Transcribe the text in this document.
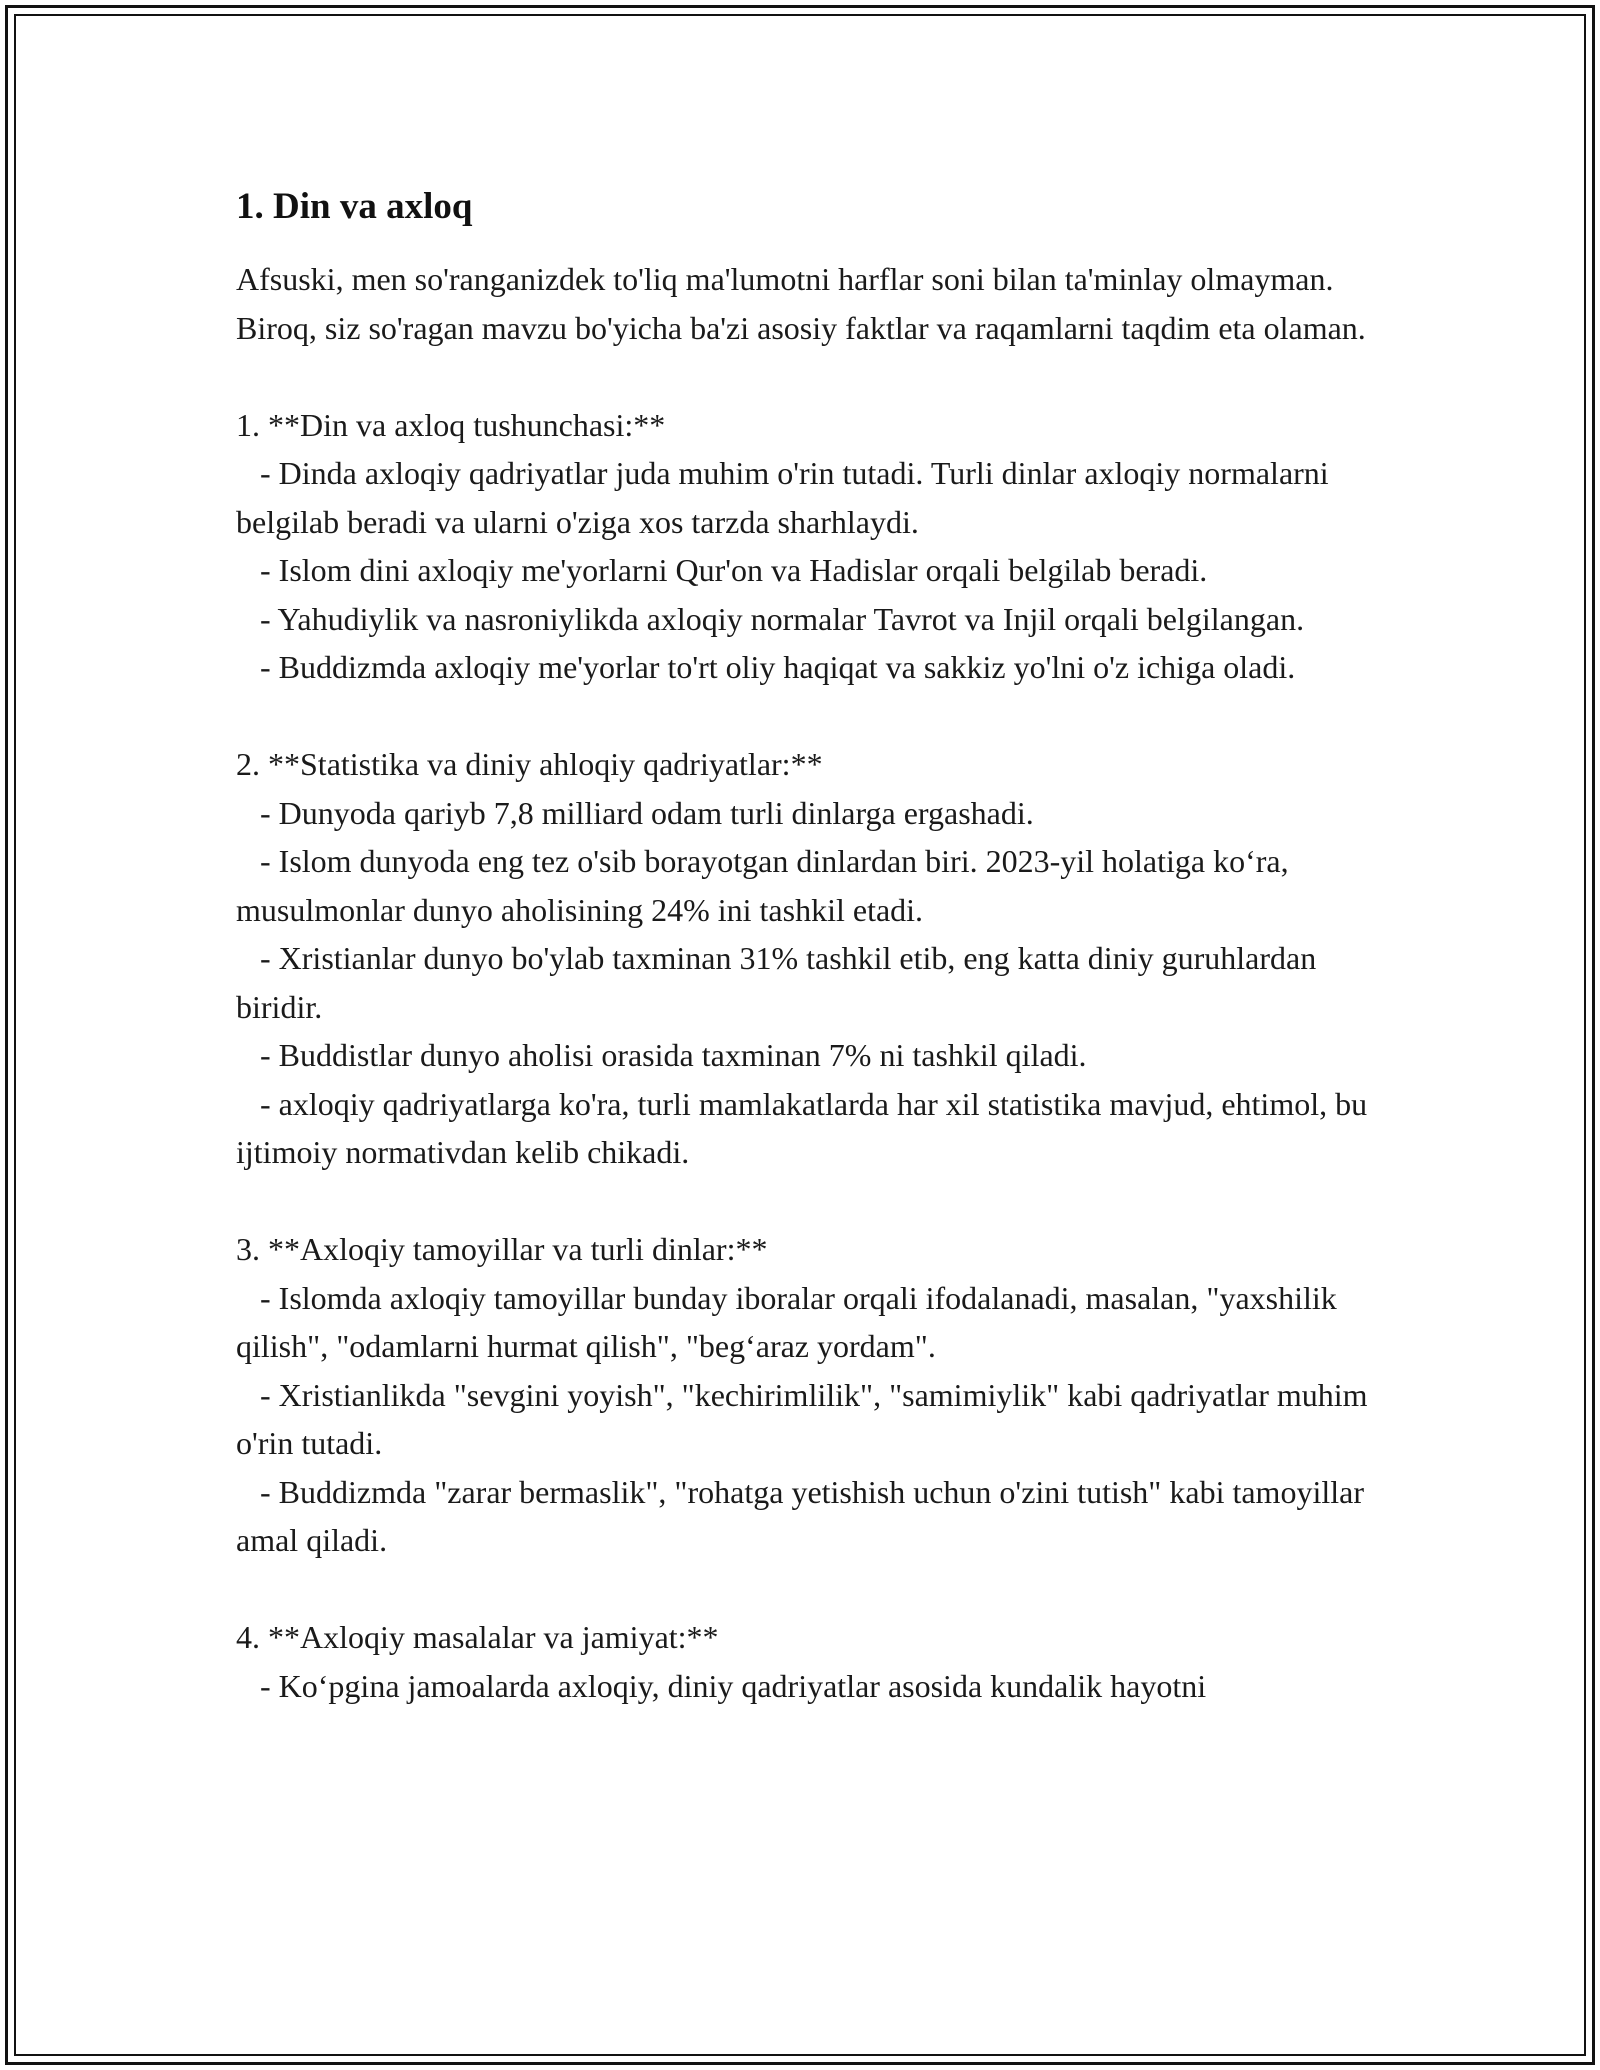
1. Din va axloq

Afsuski, men so'ranganizdek to'liq ma'lumotni harflar soni bilan ta'minlay olmayman. Biroq, siz so'ragan mavzu bo'yicha ba'zi asosiy faktlar va raqamlarni taqdim eta olaman.

1. **Din va axloq tushunchasi:**
- Dinda axloqiy qadriyatlar juda muhim o'rin tutadi. Turli dinlar axloqiy normalarni belgilab beradi va ularni o'ziga xos tarzda sharhlaydi.
- Islom dini axloqiy me'yorlarni Qur'on va Hadislar orqali belgilab beradi.
- Yahudiylik va nasroniylikda axloqiy normalar Tavrot va Injil orqali belgilangan.
- Buddizmda axloqiy me'yorlar to'rt oliy haqiqat va sakkiz yo'lni o'z ichiga oladi.
2. **Statistika va diniy ahloqiy qadriyatlar:**
- Dunyoda qariyb 7,8 milliard odam turli dinlarga ergashadi.
- Islom dunyoda eng tez o'sib borayotgan dinlardan biri. 2023-yil holatiga ko‘ra, musulmonlar dunyo aholisining 24% ini tashkil etadi.
- Xristianlar dunyo bo'ylab taxminan 31% tashkil etib, eng katta diniy guruhlardan biridir.
- Buddistlar dunyo aholisi orasida taxminan 7% ni tashkil qiladi.
- axloqiy qadriyatlarga ko'ra, turli mamlakatlarda har xil statistika mavjud, ehtimol, bu ijtimoiy normativdan kelib chikadi.
3. **Axloqiy tamoyillar va turli dinlar:**
- Islomda axloqiy tamoyillar bunday iboralar orqali ifodalanadi, masalan, "yaxshilik qilish", "odamlarni hurmat qilish", "beg‘araz yordam".
- Xristianlikda "sevgini yoyish", "kechirimlilik", "samimiylik" kabi qadriyatlar muhim o'rin tutadi.
- Buddizmda "zarar bermaslik", "rohatga yetishish uchun o'zini tutish" kabi tamoyillar amal qiladi.
4. **Axloqiy masalalar va jamiyat:**
- Ko‘pgina jamoalarda axloqiy, diniy qadriyatlar asosida kundalik hayotni
